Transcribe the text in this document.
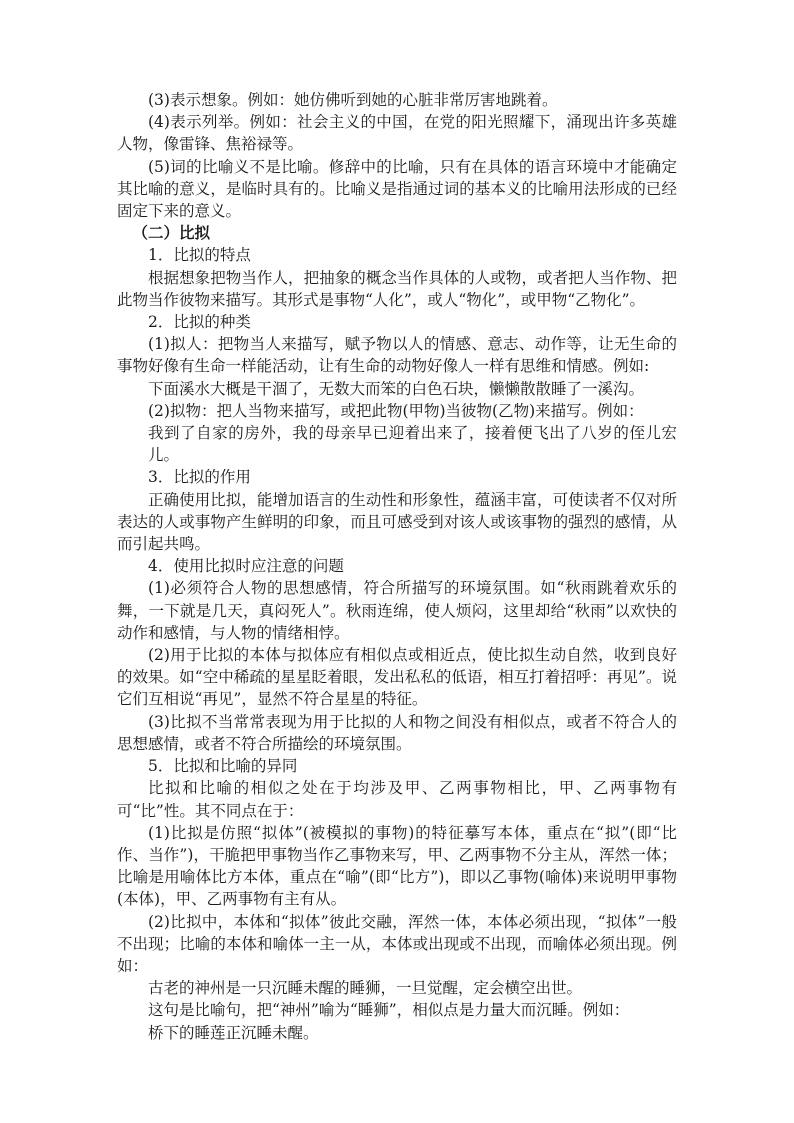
(3)表示想象。例如：她仿佛听到她的心脏非常厉害地跳着。

(4)表示列举。例如：社会主义的中国，在党的阳光照耀下，涌现出许多英雄人物，像雷锋、焦裕禄等。

(5)词的比喻义不是比喻。修辞中的比喻，只有在具体的语言环境中才能确定其比喻的意义，是临时具有的。比喻义是指通过词的基本义的比喻用法形成的已经固定下来的意义。

（二）比拟

1．比拟的特点

根据想象把物当作人，把抽象的概念当作具体的人或物，或者把人当作物、把此物当作彼物来描写。其形式是事物“人化”，或人“物化”，或甲物“乙物化”。

2．比拟的种类

(1)拟人：把物当人来描写，赋予物以人的情感、意志、动作等，让无生命的事物好像有生命一样能活动，让有生命的动物好像人一样有思维和情感。例如:

下面溪水大概是干涸了，无数大而笨的白色石块，懒懒散散睡了一溪沟。

(2)拟物：把人当物来描写，或把此物(甲物)当彼物(乙物)来描写。例如：

我到了自家的房外，我的母亲早已迎着出来了，接着便飞出了八岁的侄儿宏儿。

3．比拟的作用

正确使用比拟，能增加语言的生动性和形象性，蕴涵丰富，可使读者不仅对所表达的人或事物产生鲜明的印象，而且可感受到对该人或该事物的强烈的感情，从而引起共鸣。

4．使用比拟时应注意的问题

(1)必须符合人物的思想感情，符合所描写的环境氛围。如“秋雨跳着欢乐的舞，一下就是几天，真闷死人”。秋雨连绵，使人烦闷，这里却给“秋雨”以欢快的动作和感情，与人物的情绪相悖。

(2)用于比拟的本体与拟体应有相似点或相近点，使比拟生动自然，收到良好的效果。如“空中稀疏的星星眨着眼，发出私私的低语，相互打着招呼：再见”。说它们互相说“再见”，显然不符合星星的特征。

(3)比拟不当常常表现为用于比拟的人和物之间没有相似点，或者不符合人的思想感情，或者不符合所描绘的环境氛围。

5．比拟和比喻的异同

比拟和比喻的相似之处在于均涉及甲、乙两事物相比，甲、乙两事物有可“比”性。其不同点在于：

(1)比拟是仿照“拟体”(被模拟的事物)的特征摹写本体，重点在“拟”(即“比作、当作”)，干脆把甲事物当作乙事物来写，甲、乙两事物不分主从，浑然一体；比喻是用喻体比方本体，重点在“喻”(即“比方”)，即以乙事物(喻体)来说明甲事物(本体)，甲、乙两事物有主有从。

(2)比拟中，本体和“拟体”彼此交融，浑然一体，本体必须出现，“拟体”一般不出现；比喻的本体和喻体一主一从，本体或出现或不出现，而喻体必须出现。例如：

古老的神州是一只沉睡未醒的睡狮，一旦觉醒，定会横空出世。

这句是比喻句，把“神州”喻为“睡狮”，相似点是力量大而沉睡。例如：

桥下的睡莲正沉睡未醒。
